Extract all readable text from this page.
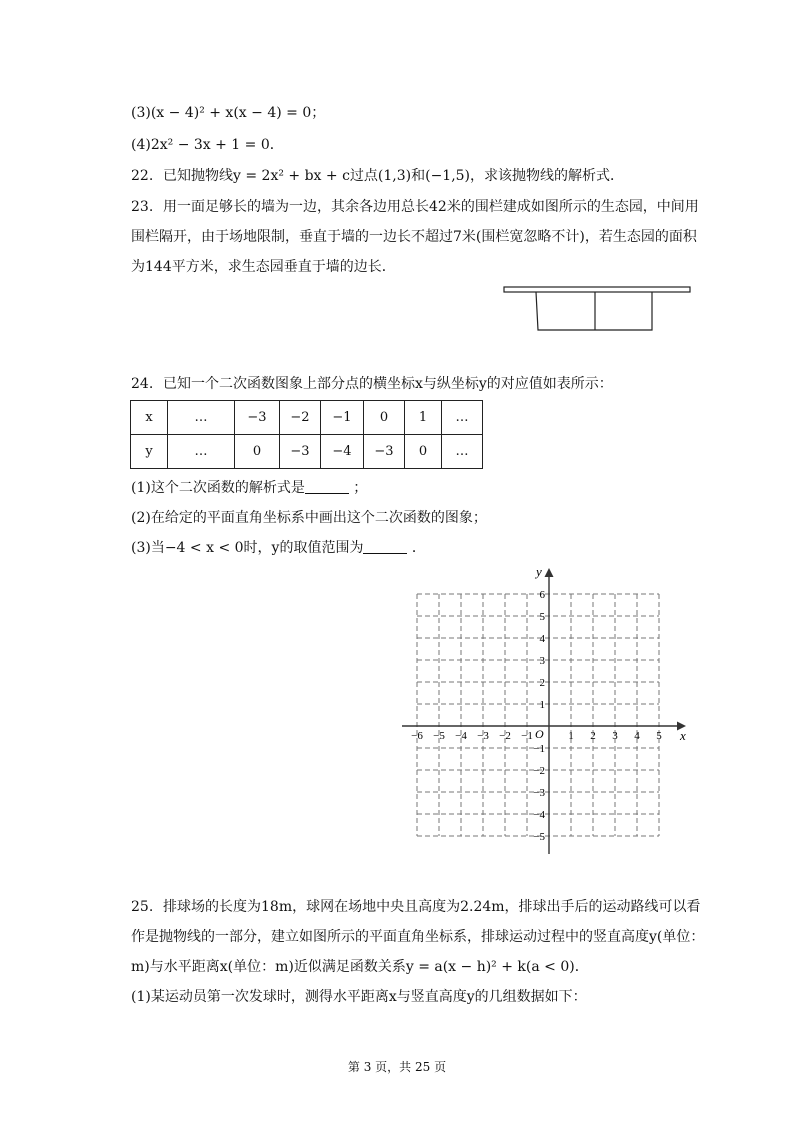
(3)(x − 4)² + x(x − 4) = 0；
(4)2x² − 3x + 1 = 0．
22. 已知抛物线y = 2x² + bx + c过点(1,3)和(−1,5)，求该抛物线的解析式．
23. 用一面足够长的墙为一边，其余各边用总长42米的围栏建成如图所示的生态园，中间用
围栏隔开，由于场地限制，垂直于墙的一边长不超过7米(围栏宽忽略不计)，若生态园的面积
为144平方米，求生态园垂直于墙的边长．
24. 已知一个二次函数图象上部分点的横坐标x与纵坐标y的对应值如表所示：
x	…	−3	−2	−1	0	1	…
y	…	0	−3	−4	−3	0	…
(1)这个二次函数的解析式是	；
(2)在给定的平面直角坐标系中画出这个二次函数的图象；
(3)当−4 < x < 0时，y的取值范围为	．
x
y
O
−6 −5 −4 −3 −2 −1	1 2 3 4 5
1
2
3
4
5
6
−1
−2
−3
−4
−5
25. 排球场的长度为18m，球网在场地中央且高度为2.24m，排球出手后的运动路线可以看
作是抛物线的一部分，建立如图所示的平面直角坐标系，排球运动过程中的竖直高度y(单位：
m)与水平距离x(单位：m)近似满足函数关系y = a(x − h)² + k(a < 0)．
(1)某运动员第一次发球时，测得水平距离x与竖直高度y的几组数据如下：
第 3 页，共 25 页
